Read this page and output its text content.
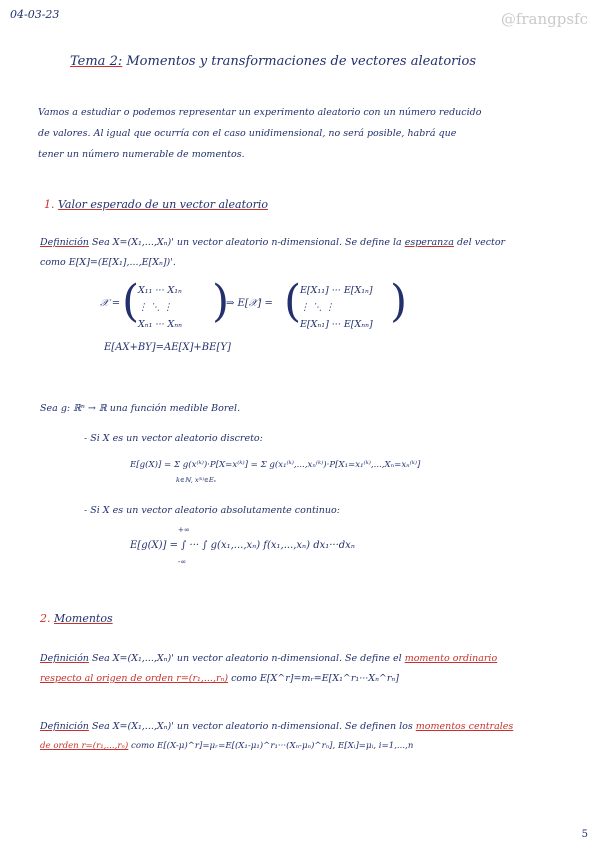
04-03-23	@frangpsfc
Tema 2: Momentos y transformaciones de vectores aleatorios
Vamos a estudiar o podemos representar un experimento aleatorio con un número reducido
de valores. Al igual que ocurría con el caso unidimensional, no será posible, habrá que
tener un número numerable de momentos.
1. Valor esperado de un vector aleatorio
Definición Sea X=(X₁,...,Xₙ)' un vector aleatorio n-dimensional. Se define la esperanza del vector
como E[X]=(E[X₁],...,E[Xₙ])'.
𝒳 = (
X₁₁ ··· X₁ₙ
⋮ ⋱ ⋮
Xₙ₁ ··· Xₙₙ )
⇒ E[𝒳] = (
E[X₁₁] ··· E[X₁ₙ]
⋮ ⋱ ⋮
E[Xₙ₁] ··· E[Xₙₙ] )
E[AX+BY]=AE[X]+BE[Y]
Sea g: ℝⁿ → ℝ una función medible Borel.
- Si X es un vector aleatorio discreto:
E[g(X)] = Σ g(x⁽ᵏ⁾)·P[X=x⁽ᵏ⁾] = Σ g(x₁⁽ᵏ⁾,...,xₙ⁽ᵏ⁾)·P[X₁=x₁⁽ᵏ⁾,...,Xₙ=xₙ⁽ᵏ⁾]
k∈ℕ, x⁽ᵏ⁾∈Eₓ
- Si X es un vector aleatorio absolutamente continuo:
+∞
E[g(X)] = ∫ ··· ∫ g(x₁,...,xₙ) f(x₁,...,xₙ) dx₁···dxₙ
-∞
2. Momentos
Definición Sea X=(X₁,...,Xₙ)' un vector aleatorio n-dimensional. Se define el momento ordinario
respecto al origen de orden r=(r₁,...,rₙ) como E[X^r]=mᵣ=E[X₁^r₁···Xₙ^rₙ]
Definición Sea X=(X₁,...,Xₙ)' un vector aleatorio n-dimensional. Se definen los momentos centrales
de orden r=(r₁,...,rₙ) como E[(X-μ)^r]=μᵣ=E[(X₁-μ₁)^r₁···(Xₙ-μₙ)^rₙ], E[Xᵢ]=μᵢ, i=1,...,n
5
